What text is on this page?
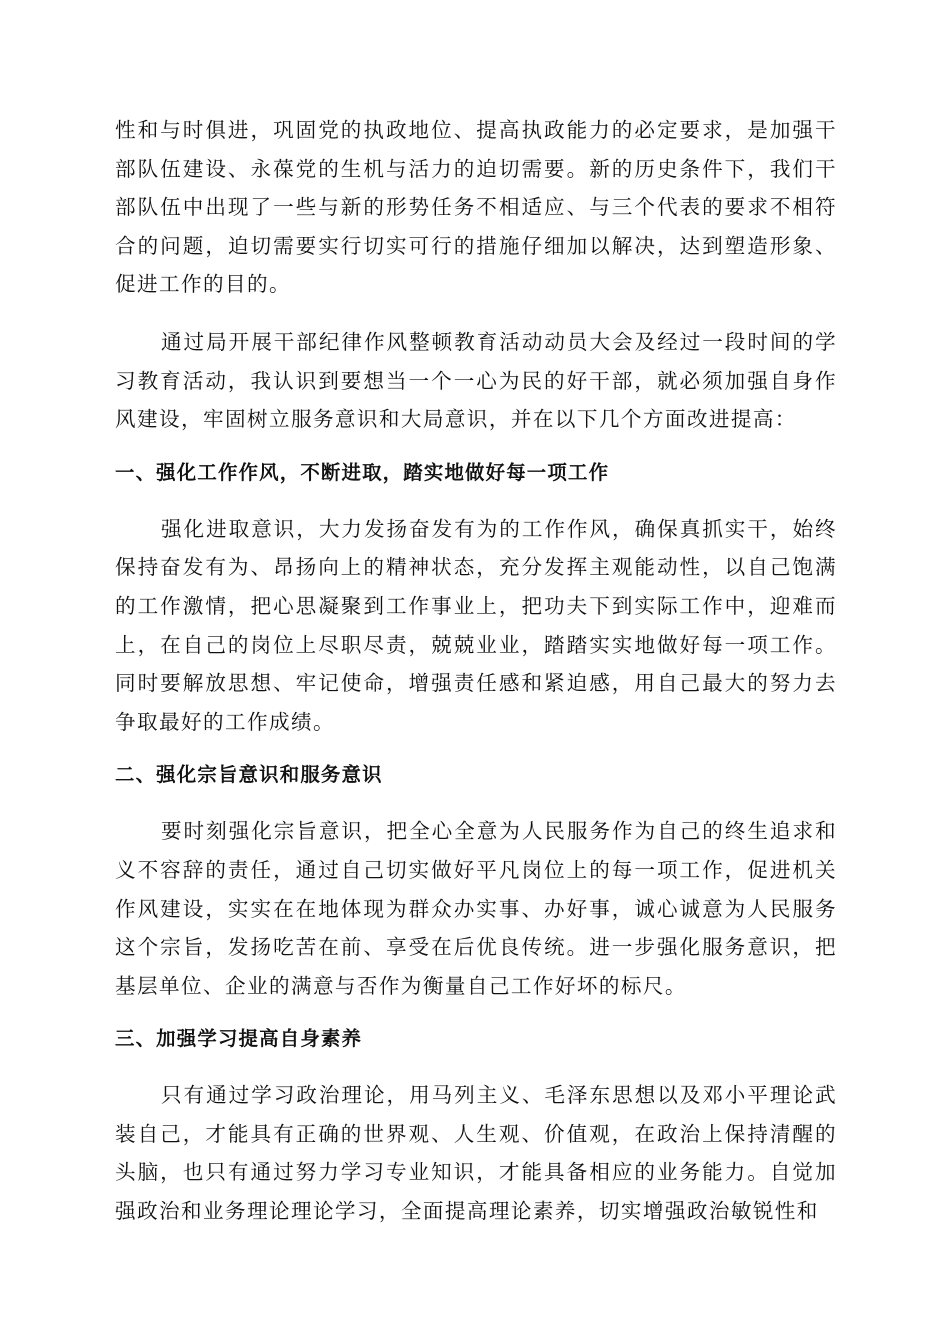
性和与时俱进，巩固党的执政地位、提高执政能力的必定要求，是加强干部队伍建设、永葆党的生机与活力的迫切需要。新的历史条件下，我们干部队伍中出现了一些与新的形势任务不相适应、与三个代表的要求不相符合的问题，迫切需要实行切实可行的措施仔细加以解决，达到塑造形象、促进工作的目的。

通过局开展干部纪律作风整顿教育活动动员大会及经过一段时间的学习教育活动，我认识到要想当一个一心为民的好干部，就必须加强自身作风建设，牢固树立服务意识和大局意识，并在以下几个方面改进提高：

一、强化工作作风，不断进取，踏实地做好每一项工作

强化进取意识，大力发扬奋发有为的工作作风，确保真抓实干，始终保持奋发有为、昂扬向上的精神状态，充分发挥主观能动性，以自己饱满的工作激情，把心思凝聚到工作事业上，把功夫下到实际工作中，迎难而上，在自己的岗位上尽职尽责，兢兢业业，踏踏实实地做好每一项工作。同时要解放思想、牢记使命，增强责任感和紧迫感，用自己最大的努力去争取最好的工作成绩。

二、强化宗旨意识和服务意识

要时刻强化宗旨意识，把全心全意为人民服务作为自己的终生追求和义不容辞的责任，通过自己切实做好平凡岗位上的每一项工作，促进机关作风建设，实实在在地体现为群众办实事、办好事，诚心诚意为人民服务这个宗旨，发扬吃苦在前、享受在后优良传统。进一步强化服务意识，把基层单位、企业的满意与否作为衡量自己工作好坏的标尺。

三、加强学习提高自身素养

只有通过学习政治理论，用马列主义、毛泽东思想以及邓小平理论武装自己，才能具有正确的世界观、人生观、价值观，在政治上保持清醒的头脑，也只有通过努力学习专业知识，才能具备相应的业务能力。自觉加强政治和业务理论理论学习，全面提高理论素养，切实增强政治敏锐性和
